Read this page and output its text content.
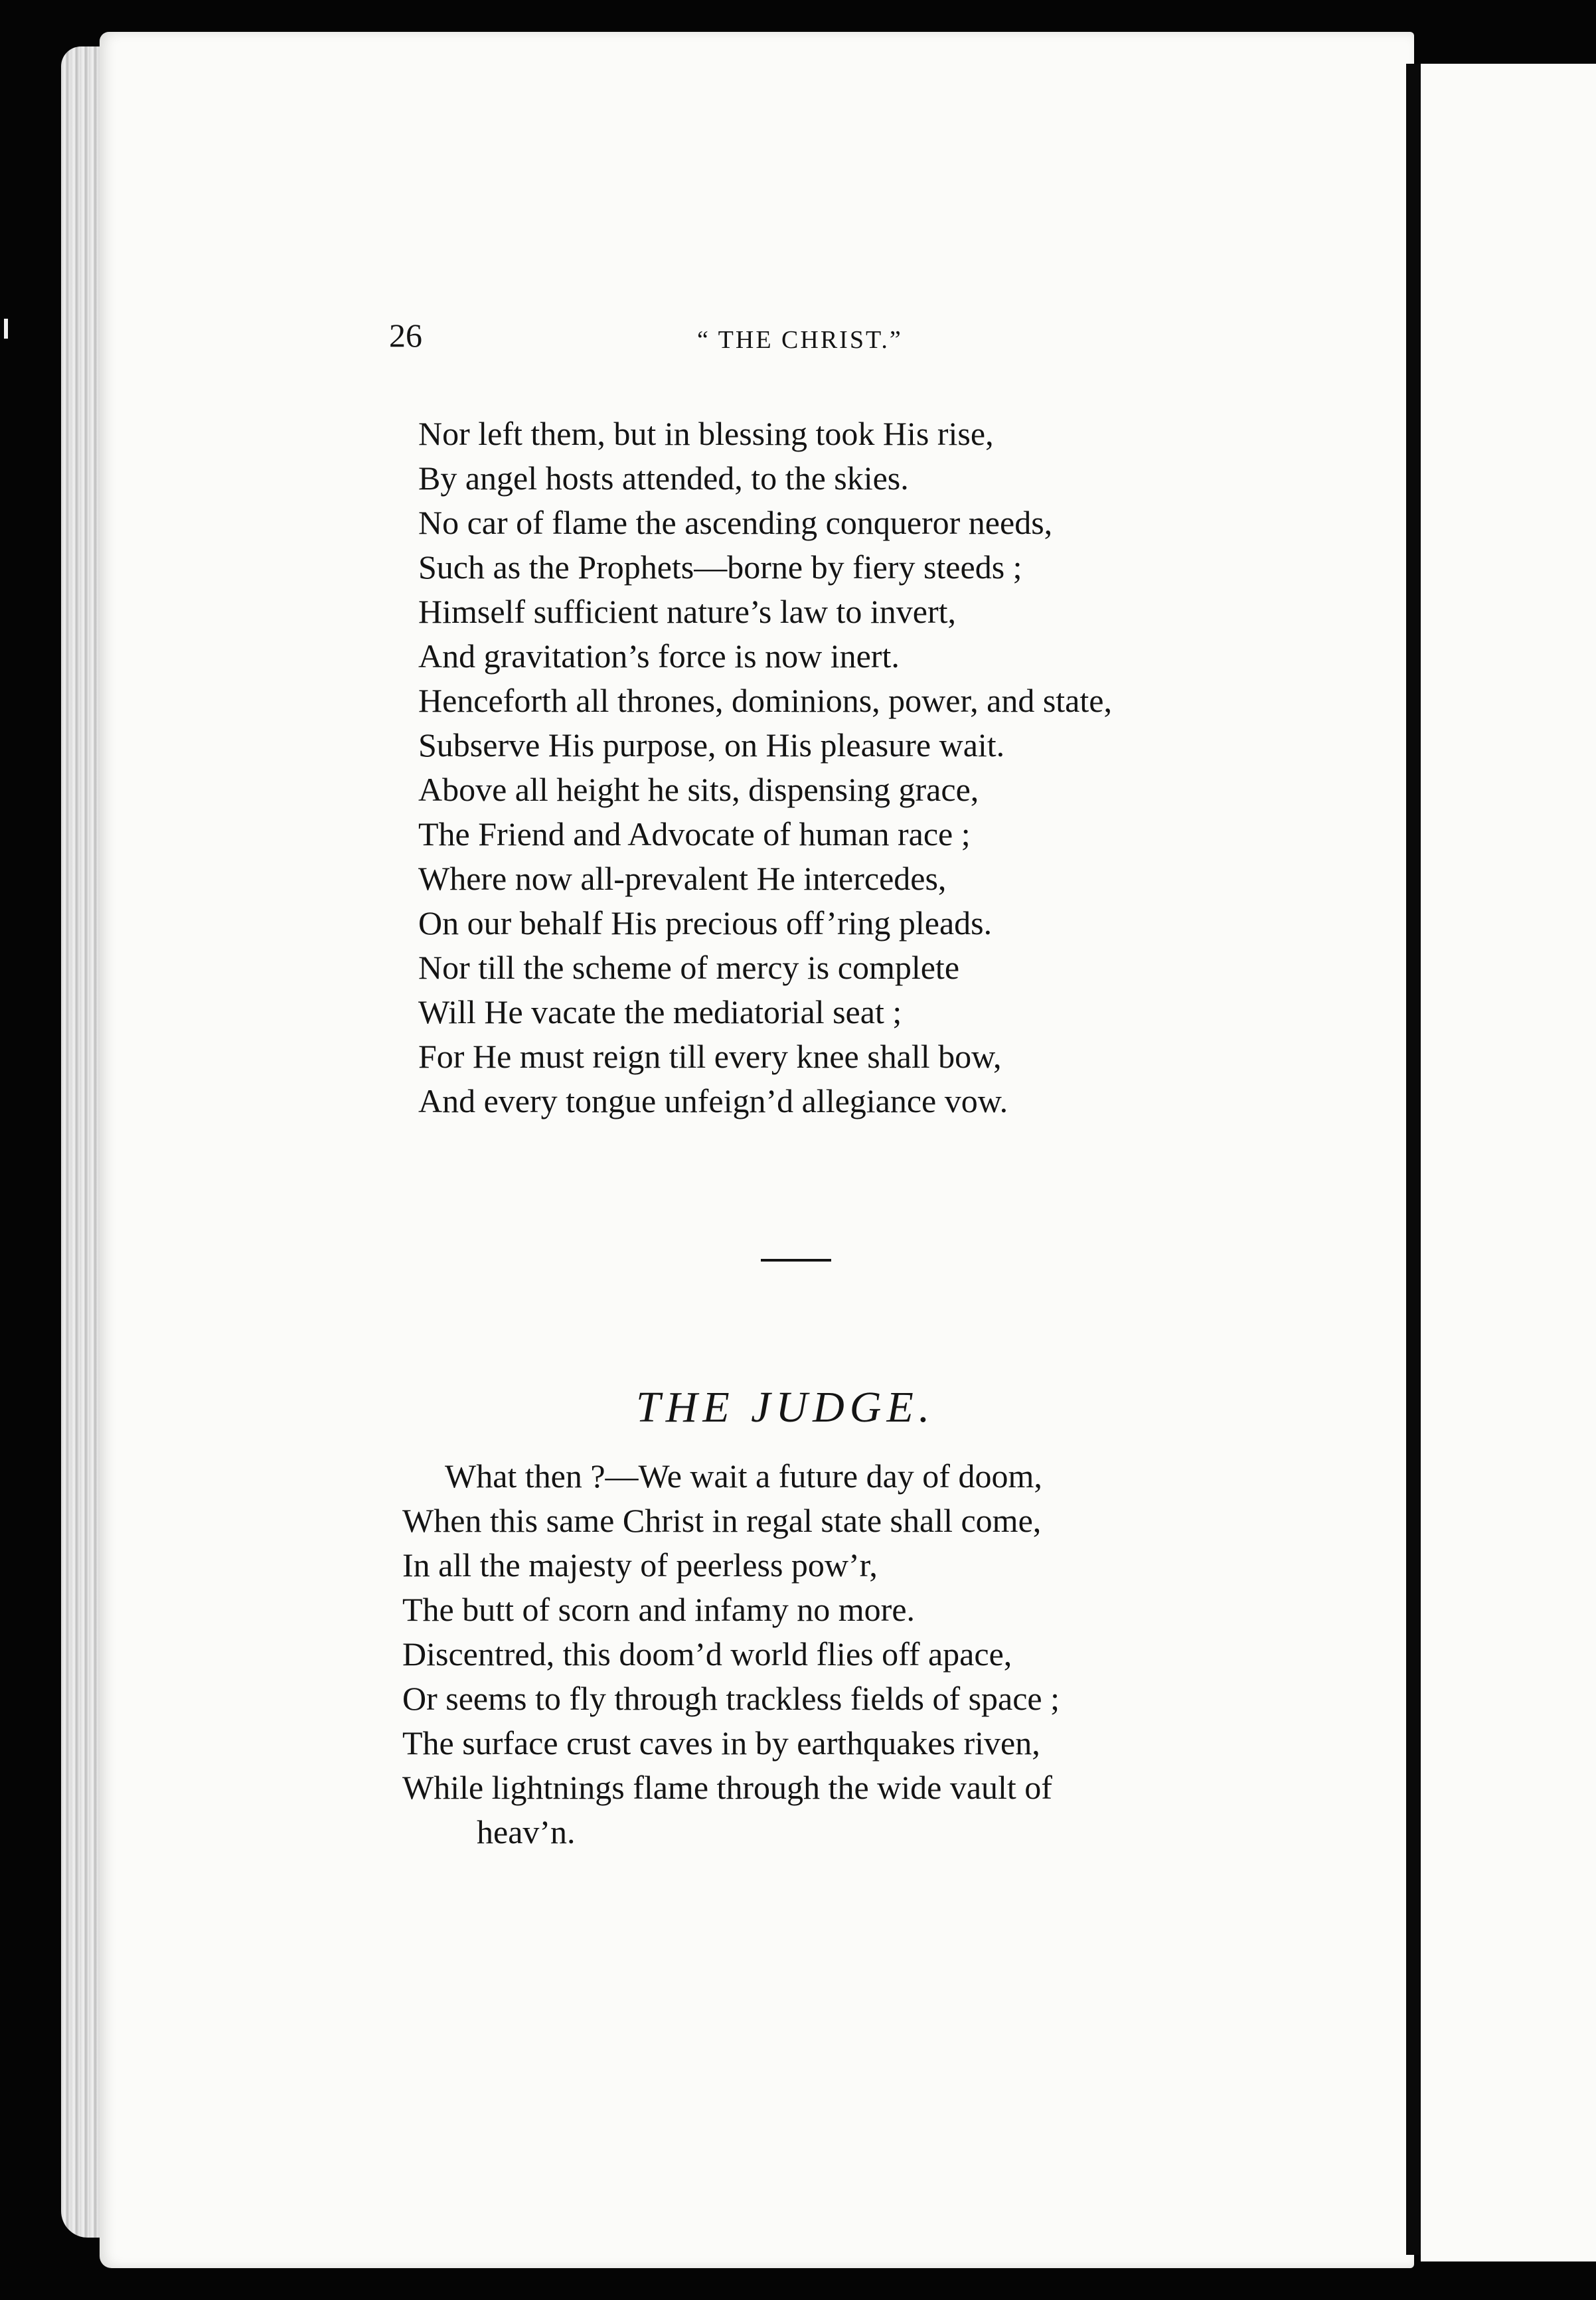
26	“ THE CHRIST.”
Nor left them, but in blessing took His rise,
By angel hosts attended, to the skies.
No car of flame the ascending conqueror needs,
Such as the Prophets—borne by fiery steeds ;
Himself sufficient nature’s law to invert,
And gravitation’s force is now inert.
Henceforth all thrones, dominions, power, and state,
Subserve His purpose, on His pleasure wait.
Above all height he sits, dispensing grace,
The Friend and Advocate of human race ;
Where now all-prevalent He intercedes,
On our behalf His precious off’ring pleads.
Nor till the scheme of mercy is complete
Will He vacate the mediatorial seat ;
For He must reign till every knee shall bow,
And every tongue unfeign’d allegiance vow.
THE JUDGE.
What then ?—We wait a future day of doom,
When this same Christ in regal state shall come,
In all the majesty of peerless pow’r,
The butt of scorn and infamy no more.
Discentred, this doom’d world flies off apace,
Or seems to fly through trackless fields of space ;
The surface crust caves in by earthquakes riven,
While lightnings flame through the wide vault of
heav’n.
